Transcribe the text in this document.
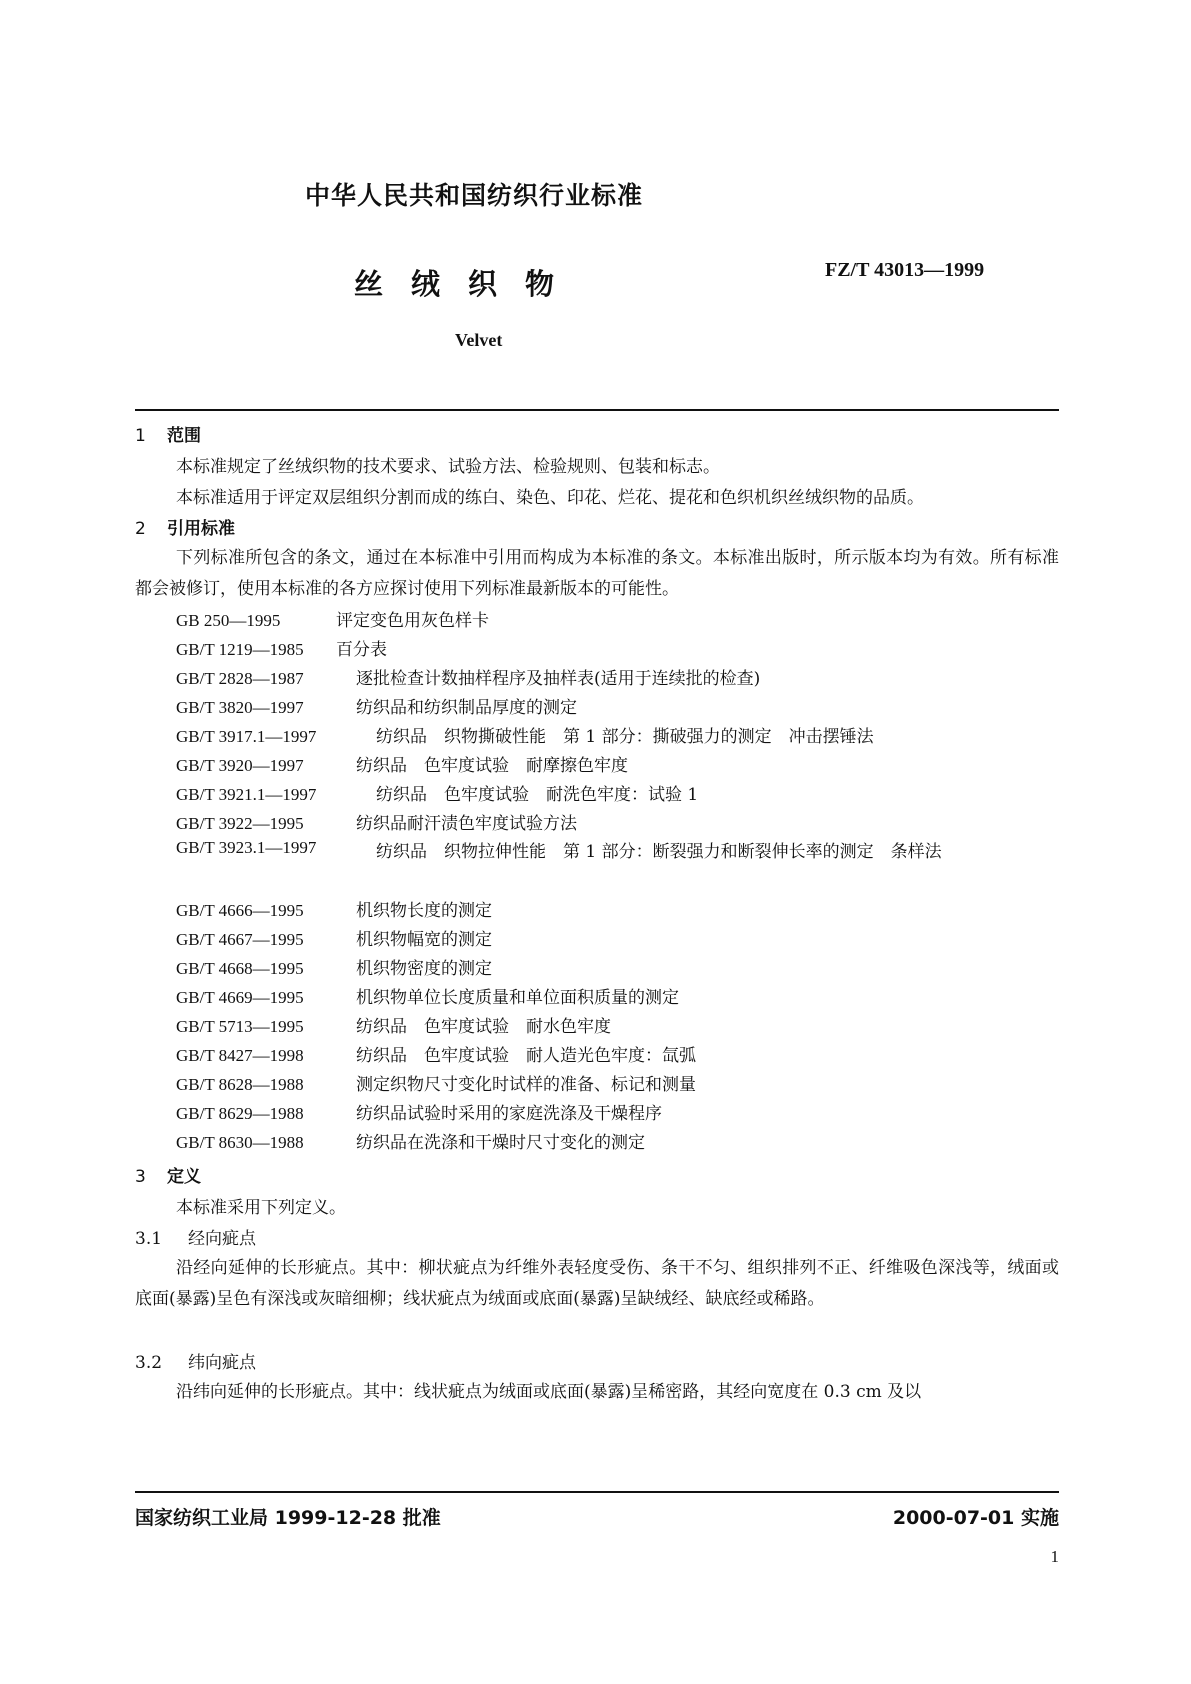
中华人民共和国纺织行业标准
丝绒织物	FZ/T 43013—1999
Velvet
1 范围
本标准规定了丝绒织物的技术要求、试验方法、检验规则、包装和标志。
本标准适用于评定双层组织分割而成的练白、染色、印花、烂花、提花和色织机织丝绒织物的品质。
2 引用标准
下列标准所包含的条文，通过在本标准中引用而构成为本标准的条文。本标准出版时，所示版本均为有效。所有标准都会被修订，使用本标准的各方应探讨使用下列标准最新版本的可能性。
GB 250—1995	评定变色用灰色样卡
GB/T 1219—1985 百分表
GB/T 2828—1987	逐批检查计数抽样程序及抽样表(适用于连续批的检查)
GB/T 3820—1997	纺织品和纺织制品厚度的测定
GB/T 3917.1—1997	纺织品　织物撕破性能　第 1 部分：撕破强力的测定　冲击摆锤法
GB/T 3920—1997	纺织品　色牢度试验　耐摩擦色牢度
GB/T 3921.1—1997	纺织品　色牢度试验　耐洗色牢度：试验 1
GB/T 3922—1995	纺织品耐汗渍色牢度试验方法
GB/T 3923.1—1997	纺织品　织物拉伸性能　第 1 部分：断裂强力和断裂伸长率的测定　条样法
GB/T 4666—1995	机织物长度的测定
GB/T 4667—1995	机织物幅宽的测定
GB/T 4668—1995	机织物密度的测定
GB/T 4669—1995	机织物单位长度质量和单位面积质量的测定
GB/T 5713—1995	纺织品　色牢度试验　耐水色牢度
GB/T 8427—1998	纺织品　色牢度试验　耐人造光色牢度：氙弧
GB/T 8628—1988	测定织物尺寸变化时试样的准备、标记和测量
GB/T 8629—1988	纺织品试验时采用的家庭洗涤及干燥程序
GB/T 8630—1988	纺织品在洗涤和干燥时尺寸变化的测定
3 定义
本标准采用下列定义。
3.1 经向疵点
沿经向延伸的长形疵点。其中：柳状疵点为纤维外表轻度受伤、条干不匀、组织排列不正、纤维吸色深浅等，绒面或底面(暴露)呈色有深浅或灰暗细柳；线状疵点为绒面或底面(暴露)呈缺绒经、缺底经或稀路。
3.2 纬向疵点
沿纬向延伸的长形疵点。其中：线状疵点为绒面或底面(暴露)呈稀密路，其经向宽度在 0.3 cm 及以
国家纺织工业局 1999-12-28 批准	2000-07-01 实施
1
